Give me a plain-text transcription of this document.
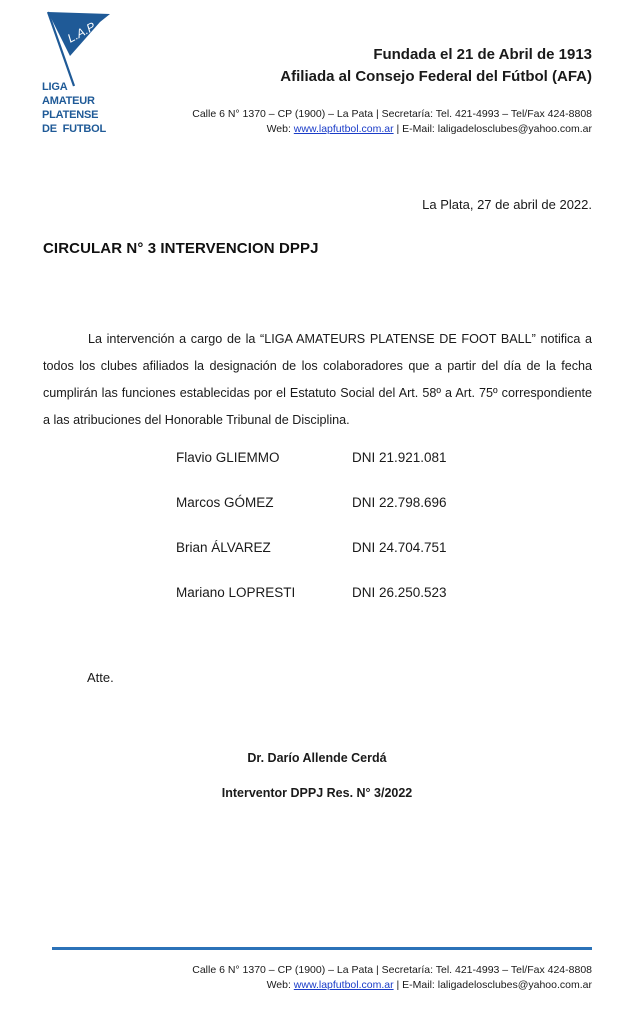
L.A.P.
LIGA
AMATEUR
PLATENSE
DE  FUTBOL
Fundada el 21 de Abril de 1913
Afiliada al Consejo Federal del Fútbol (AFA)
Calle 6 N° 1370 – CP (1900) – La Pata | Secretaría: Tel. 421-4993 – Tel/Fax 424-8808
Web: www.lapfutbol.com.ar | E-Mail: laligadelosclubes@yahoo.com.ar
La Plata, 27 de abril de 2022.
CIRCULAR N° 3 INTERVENCION DPPJ

La intervención a cargo de la “LIGA AMATEURS PLATENSE DE FOOT BALL” notifica a todos los clubes afiliados la designación de los colaboradores que a partir del día de la fecha cumplirán las funciones establecidas por el Estatuto Social del Art. 58º a Art. 75º correspondiente a las atribuciones del Honorable Tribunal de Disciplina.

Flavio GLIEMMO	DNI 21.921.081
Marcos GÓMEZ	DNI 22.798.696
Brian ÁLVAREZ	DNI 24.704.751
Mariano LOPRESTI	DNI 26.250.523
Atte.
Dr. Darío Allende Cerdá
Interventor DPPJ Res. N° 3/2022
Calle 6 N° 1370 – CP (1900) – La Pata | Secretaría: Tel. 421-4993 – Tel/Fax 424-8808
Web: www.lapfutbol.com.ar | E-Mail: laligadelosclubes@yahoo.com.ar
